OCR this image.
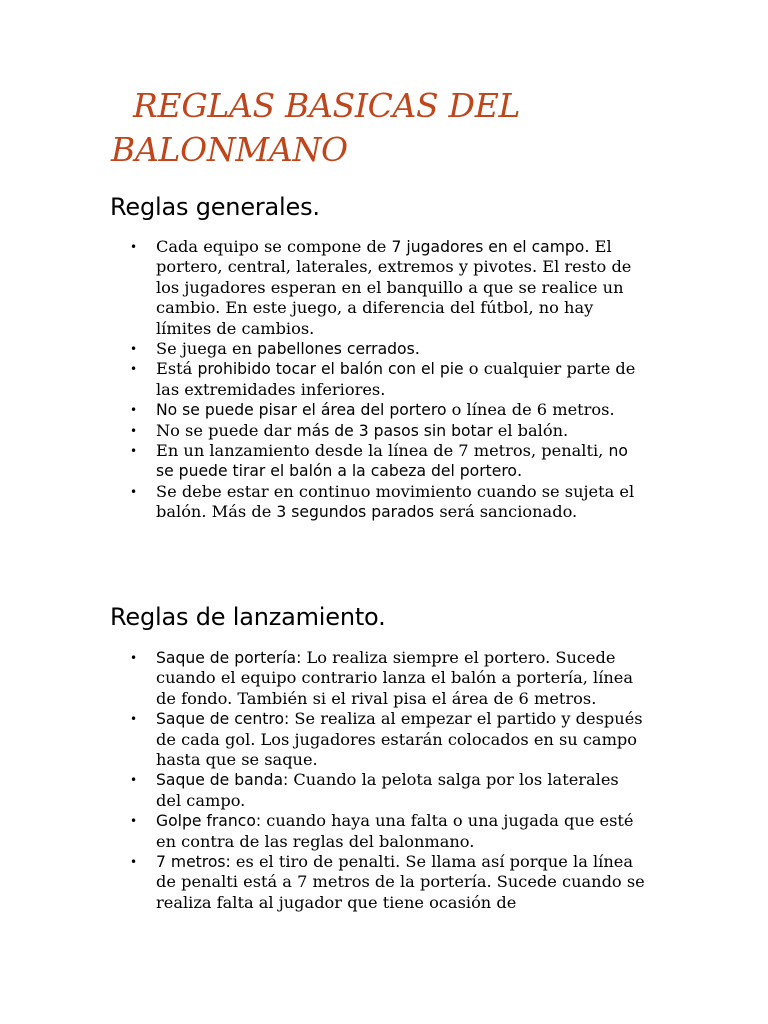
REGLAS BASICAS DEL BALONMANO
Reglas generales.
• Cada equipo se compone de 7 jugadores en el campo. El portero, central, laterales, extremos y pivotes. El resto de los jugadores esperan en el banquillo a que se realice un cambio. En este juego, a diferencia del fútbol, no hay límites de cambios.
• Se juega en pabellones cerrados.
• Está prohibido tocar el balón con el pie o cualquier parte de las extremidades inferiores.
• No se puede pisar el área del portero o línea de 6 metros.
• No se puede dar más de 3 pasos sin botar el balón.
• En un lanzamiento desde la línea de 7 metros, penalti, no se puede tirar el balón a la cabeza del portero.
• Se debe estar en continuo movimiento cuando se sujeta el balón. Más de 3 segundos parados será sancionado.
Reglas de lanzamiento.
• Saque de portería: Lo realiza siempre el portero. Sucede cuando el equipo contrario lanza el balón a portería, línea de fondo. También si el rival pisa el área de 6 metros.
• Saque de centro: Se realiza al empezar el partido y después de cada gol. Los jugadores estarán colocados en su campo hasta que se saque.
• Saque de banda: Cuando la pelota salga por los laterales del campo.
• Golpe franco: cuando haya una falta o una jugada que esté en contra de las reglas del balonmano.
• 7 metros: es el tiro de penalti. Se llama así porque la línea de penalti está a 7 metros de la portería. Sucede cuando se realiza falta al jugador que tiene ocasión de
